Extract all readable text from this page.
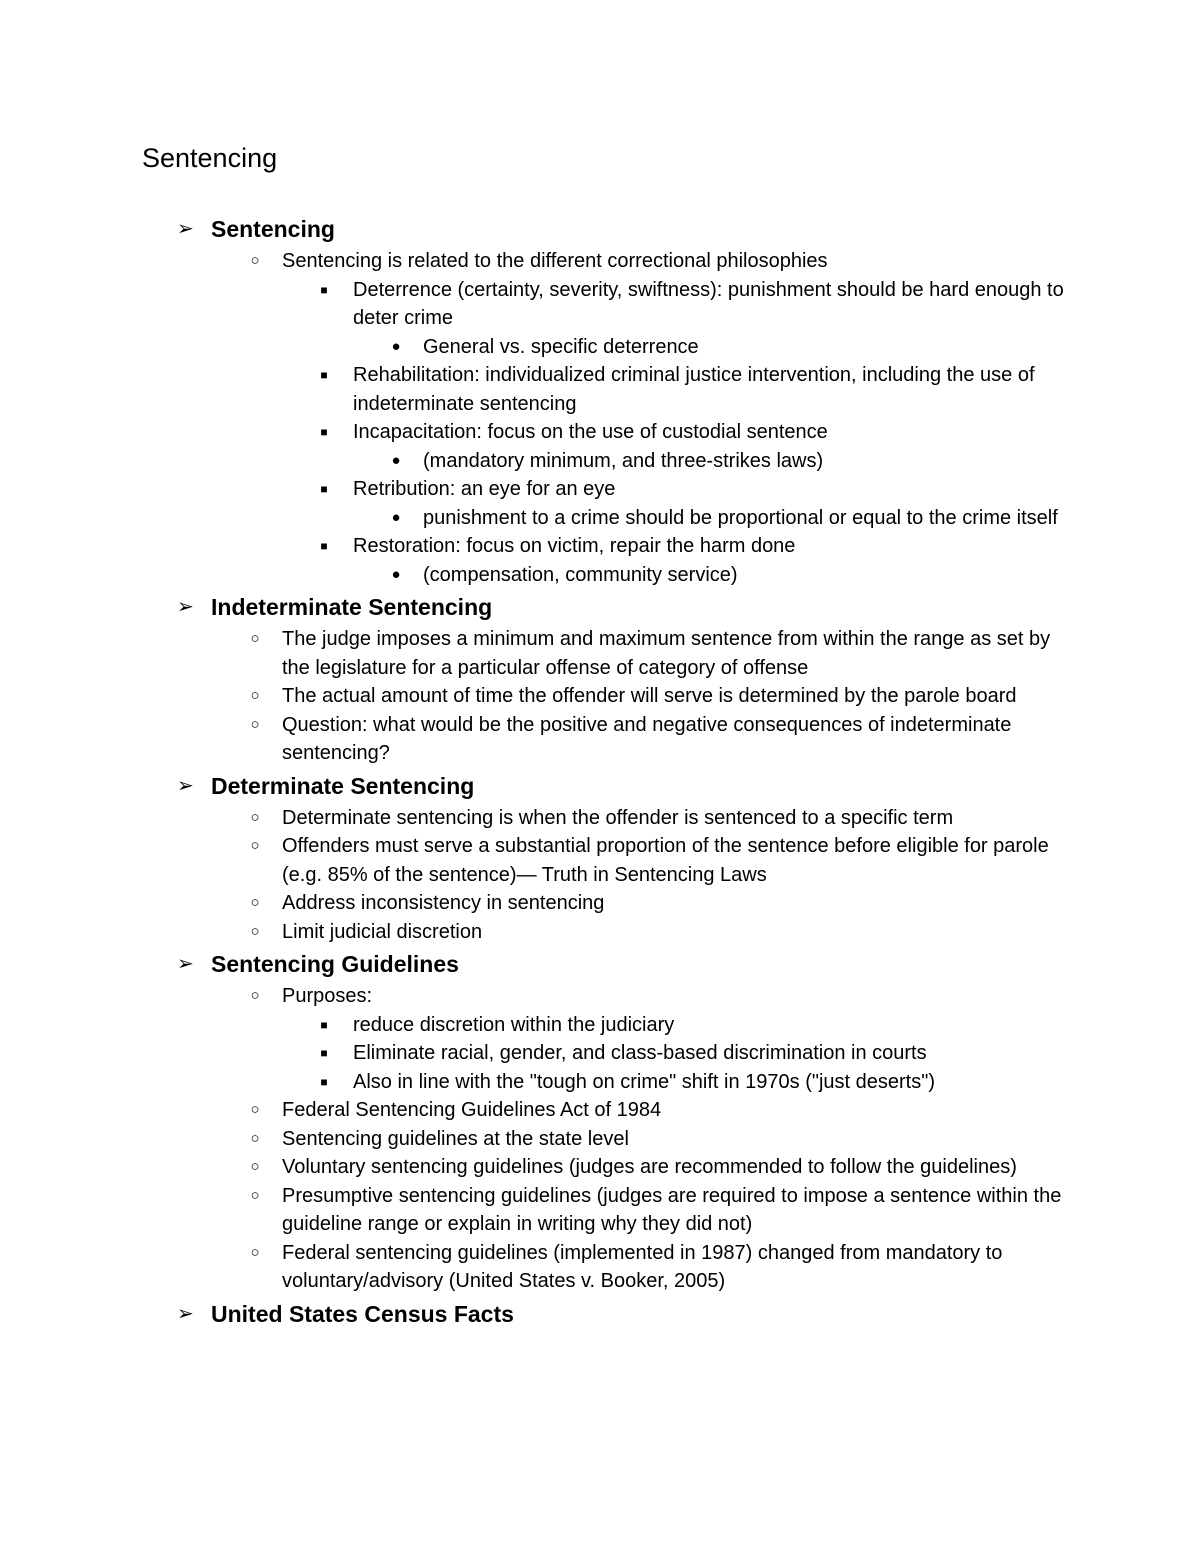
Sentencing
➢ Sentencing
○ Sentencing is related to the different correctional philosophies
■	Deterrence (certainty, severity, swiftness): punishment should be hard enough to deter crime
● General vs. specific deterrence
■	Rehabilitation: individualized criminal justice intervention, including the use of indeterminate sentencing
■	Incapacitation: focus on the use of custodial sentence
● (mandatory minimum, and three-strikes laws)
■	Retribution: an eye for an eye
● punishment to a crime should be proportional or equal to the crime itself
■	Restoration: focus on victim, repair the harm done
● (compensation, community service)
➢ Indeterminate Sentencing
○ The judge imposes a minimum and maximum sentence from within the range as set by the legislature for a particular offense of category of offense
○ The actual amount of time the offender will serve is determined by the parole board
○ Question: what would be the positive and negative consequences of indeterminate sentencing?
➢ Determinate Sentencing
○ Determinate sentencing is when the offender is sentenced to a specific term
○ Offenders must serve a substantial proportion of the sentence before eligible for parole (e.g. 85% of the sentence)— Truth in Sentencing Laws
○ Address inconsistency in sentencing
○ Limit judicial discretion
➢ Sentencing Guidelines
○ Purposes:
■	reduce discretion within the judiciary
■	Eliminate racial, gender, and class-based discrimination in courts
■	Also in line with the "tough on crime" shift in 1970s ("just deserts")
○ Federal Sentencing Guidelines Act of 1984
○ Sentencing guidelines at the state level
○ Voluntary sentencing guidelines (judges are recommended to follow the guidelines)
○ Presumptive sentencing guidelines (judges are required to impose a sentence within the guideline range or explain in writing why they did not)
○ Federal sentencing guidelines (implemented in 1987) changed from mandatory to voluntary/advisory (United States v. Booker, 2005)
➢ United States Census Facts
